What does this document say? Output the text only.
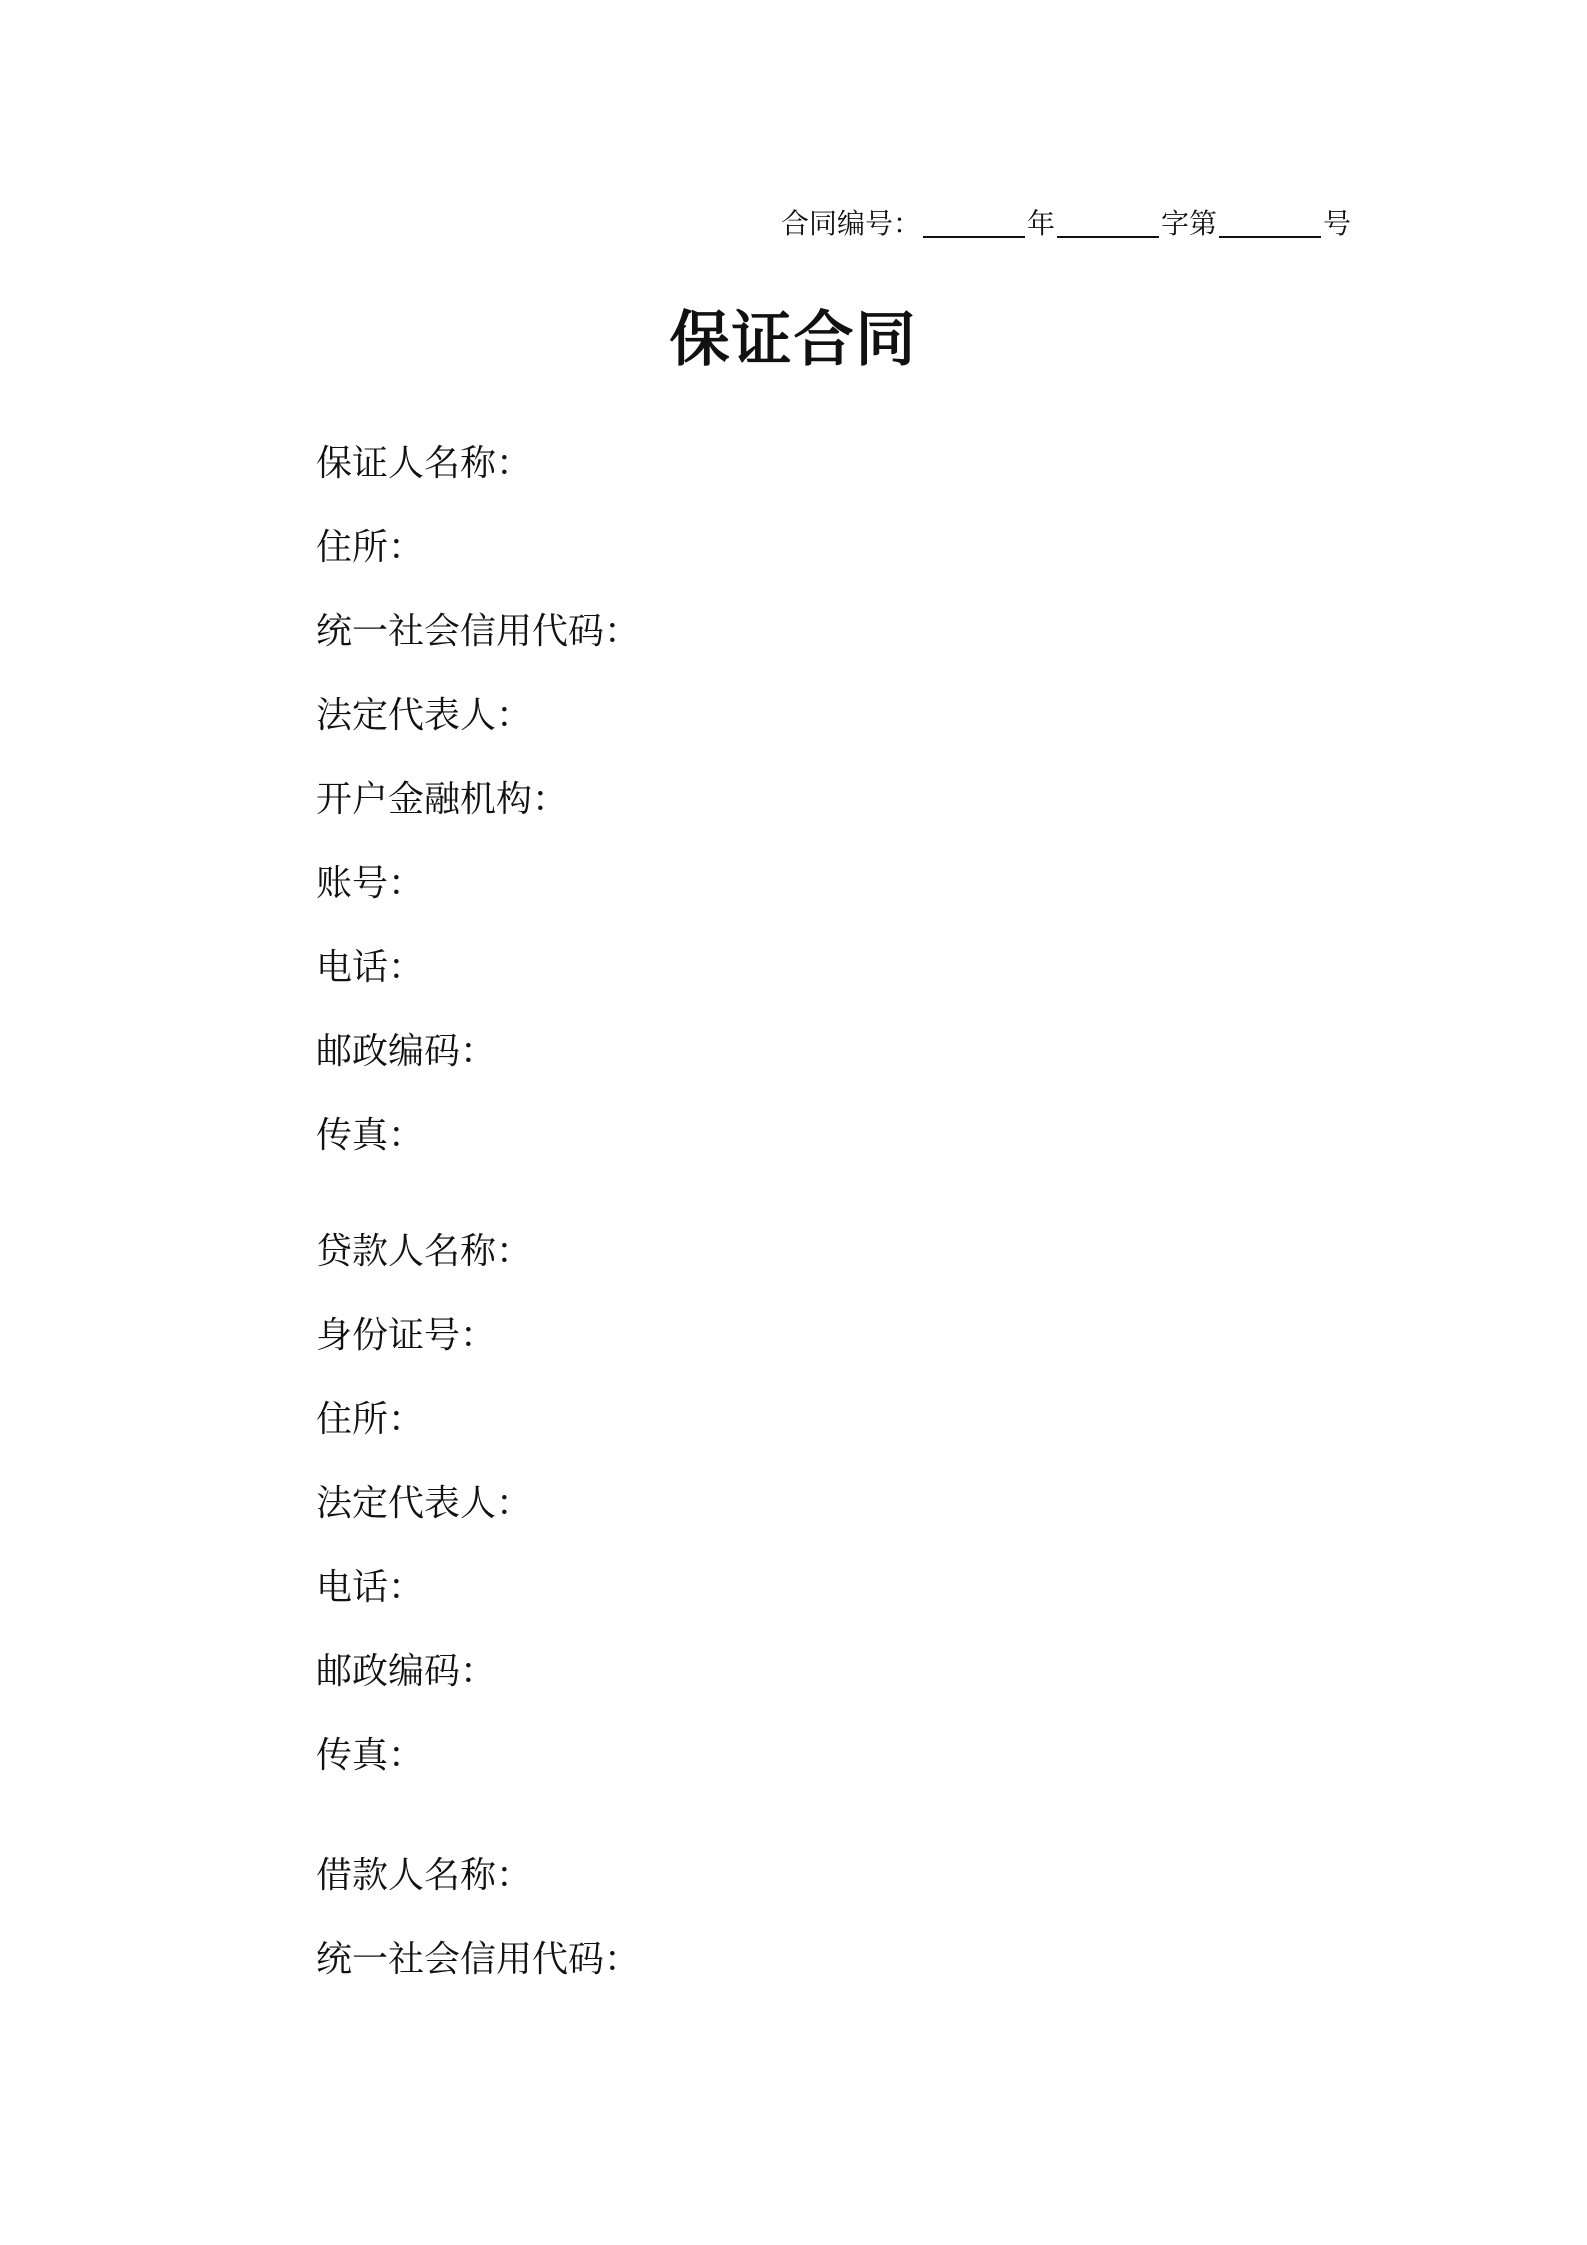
合同编号：	年	字第	号
保证合同
保证人名称：
住所：
统一社会信用代码：
法定代表人：
开户金融机构：
账号：
电话：
邮政编码：
传真：
贷款人名称：
身份证号：
住所：
法定代表人：
电话：
邮政编码：
传真：
借款人名称：
统一社会信用代码：
